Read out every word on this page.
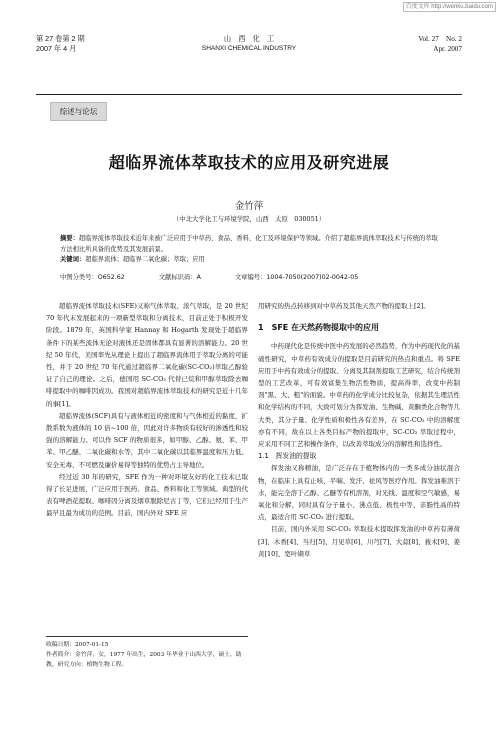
百度文库 http://wenku.baidu.com
第 27 卷第 2 期
2007 年 4 月
山　西　化　工
SHANXI CHEMICAL INDUSTRY
Vol. 27　No. 2
Apr. 2007
综述与论坛
超临界流体萃取技术的应用及研究进展
金竹萍
（中北大学化工与环境学院，山西　太原　030051）
摘要：超临界流体萃取技术近年来被广泛应用于中草药、食品、香料、化工及环境保护等领域。介绍了超临界流体萃取技术与传统的萃取方法相比所具备的优势及其发展前景。
关键词：超临界流体；超临界二氧化碳；萃取；应用
中图分类号：O652.62	文献标识码：A	文章编号：1004-7050(2007)02-0042-05

超临界流体萃取技术(SFE)又称气体萃取、浓气萃取，是 20 世纪 70 年代末发展起来的一项新型萃取和分离技术，目前正处于积极开发阶段。1879 年，英国科学家 Hannay 和 Hogarth 发现处于超临界条件下的某些流体无论对液体还是固体都具有显著的溶解能力。20 世纪 50 年代，美国率先从理论上提出了超临界流体用于萃取分离的可能性，并于 20 世纪 70 年代通过超临界二氧化碳(SC-CO₂)萃取乙醇验证了自己的理论。之后，德国用 SC-CO₂ 代替已烷和甲醇萃取除去咖啡提取中的咖啡因成功。我国对超临界流体萃取技术的研究是近十几年的事[1]。

超临界流体(SCF)具有与液体相近的密度和与气体相近的黏度，扩散系数为液体的 10 倍~100 倍，因此对许多物质有较好的渗透性和较强的溶解能力。可以作 SCF 的物质很多，如甲醇、乙醇、氨、苯、甲苯、甲乙醚、二氧化碳和水等，其中二氧化碳以其临界温度和压力低、安全无毒、不可燃及廉价易得等独特的优势占主导地位。

经过近 30 年的研究，SFE 作为一种对环境友好的化工技术已取得了长足进展，广泛应用于医药、食品、香料和化工等领域。典型的代表有啤酒花提取、咖啡因分离及烟草脱除尼古丁等，它们已经用于生产最早且最为成功的范例。目前，国内外对 SFE 应

收稿日期：2007-01-15
作者简介：金竹萍，女，1977 年出生，2003 年毕业于山西大学，硕士，助教。研究方向：植物生物工程。

用研究的热点转移到对中草药及其他天然产物的提取上[2]。

1　SFE 在天然药物提取中的应用

中药现代化是传统中医中药发展的必然趋势，作为中药现代化的基础性研究，中草药有效成分的提取是目前研究的热点和重点。将 SFE 应用于中药有效成分的提取、分离及其制剂提取工艺研究，结合传统剂型的工艺改革，可有效富集生物活性物质，提高得率，改变中药制剂"黑、大、粗"的面貌。中草药的化学成分比较复杂，依据其生理活性和化学结构的不同，大致可划分为挥发油、生物碱、黄酮类化合物等几大类，其分子量、化学性质和极性各有差异，在 SC-CO₂ 中的溶解度亦有不同，故在以上各类目标产物的提取中，SC-CO₂ 萃取过程中，应采用不同工艺和操作条件，以改善萃取成分的溶解性和选择性。

1.1　挥发油的提取

挥发油又称精油，是广泛存在于植物体内的一类多成分油状混合物，在临床上具有止咳、平喘、发汗、祛风等医疗作用。挥发油难溶于水，能完全溶于乙醇、乙醚等有机溶剂，对光线、温度和空气敏感，易氧化和分解，同时具有分子量小、沸点低、极性中等、亲脂性高的特点，最适合用 SC-CO₂ 进行提取。

目前，国内外采用 SC-CO₂ 萃取技术提取挥发油的中草药有薄荷[3]、木香[4]、当归[5]、月见草[6]、川芎[7]、大蒜[8]、莪术[9]、姜黄[10]、宽叶缬草
